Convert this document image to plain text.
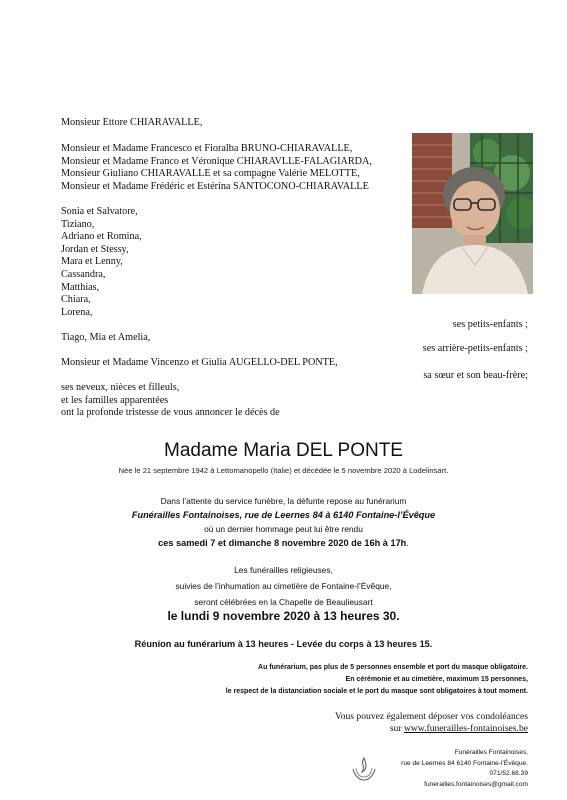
Monsieur Ettore CHIARAVALLE,
Monsieur et Madame Francesco et Fioralba BRUNO-CHIARAVALLE,
Monsieur et Madame Franco et Véronique CHIARAVLLE-FALAGIARDA,
Monsieur Giuliano CHIARAVALLE et sa compagne Valérie MELOTTE,
Monsieur et Madame Frédéric et Estérina SANTOCONO-CHIARAVALLE
Sonia et Salvatore,
Tiziano,
Adriano et Romina,
Jordan et Stessy,
Mara et Lenny,
Cassandra,
Matthias,
Chiara,
Lorena,
ses petits-enfants ;
Tiago, Mia et Amelia,
ses arrière-petits-enfants ;
Monsieur et Madame Vincenzo et Giulia AUGELLO-DEL PONTE,
sa sœur et son beau-frère;
ses neveux, nièces et filleuls,
et les familles apparentées
ont la profonde tristesse de vous annoncer le décès de
Madame Maria DEL PONTE
Née le 21 septembre 1942 à Lettomanopello (Italie) et décédée le 5 novembre 2020 à Lodelinsart.
Dans l’attente du service funèbre, la défunte repose au funérarium
Funérailles Fontainoises, rue de Leernes 84 à 6140 Fontaine-l’Évêque
où un dernier hommage peut lui être rendu
ces samedi 7 et dimanche 8 novembre 2020 de 16h à 17h.
Les funérailles religieuses,
suivies de l’inhumation au cimetière de Fontaine-l’Évêque,
seront célébrées en la Chapelle de Beaulieusart
le lundi 9 novembre 2020 à 13 heures 30.
Réunion au funérarium à 13 heures - Levée du corps à 13 heures 15.
Au funérarium, pas plus de 5 personnes ensemble et port du masque obligatoire.
En cérémonie et au cimetière, maximum 15 personnes,
le respect de la distanciation sociale et le port du masque sont obligatoires à tout moment.
Vous pouvez également déposer vos condoléances
sur www.funerailles-fontainoises.be
Funérailles Fontainoises,
rue de Leernes 84 6140 Fontaine-l’Évêque.
071/52.68.39
funerailles.fontainoises@gmail.com
